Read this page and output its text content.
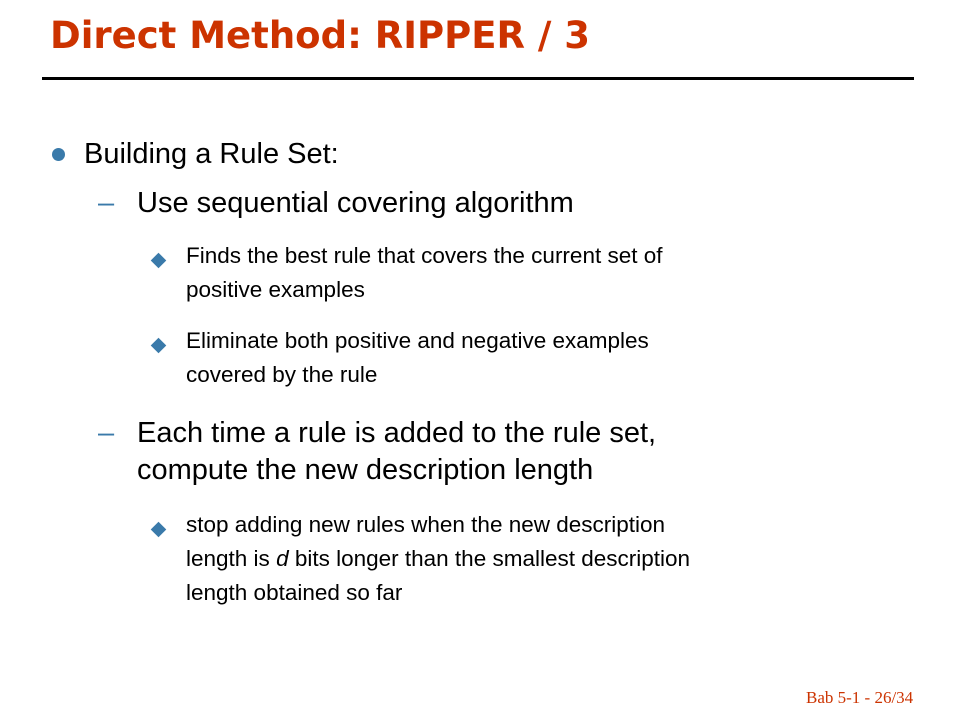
Direct Method: RIPPER / 3
Building a Rule Set:
– Use sequential covering algorithm
Finds the best rule that covers the current set of
positive examples
Eliminate both positive and negative examples
covered by the rule
– Each time a rule is added to the rule set,
compute the new description length
stop adding new rules when the new description
length is d bits longer than the smallest description
length obtained so far
Bab 5-1 - 26/34
